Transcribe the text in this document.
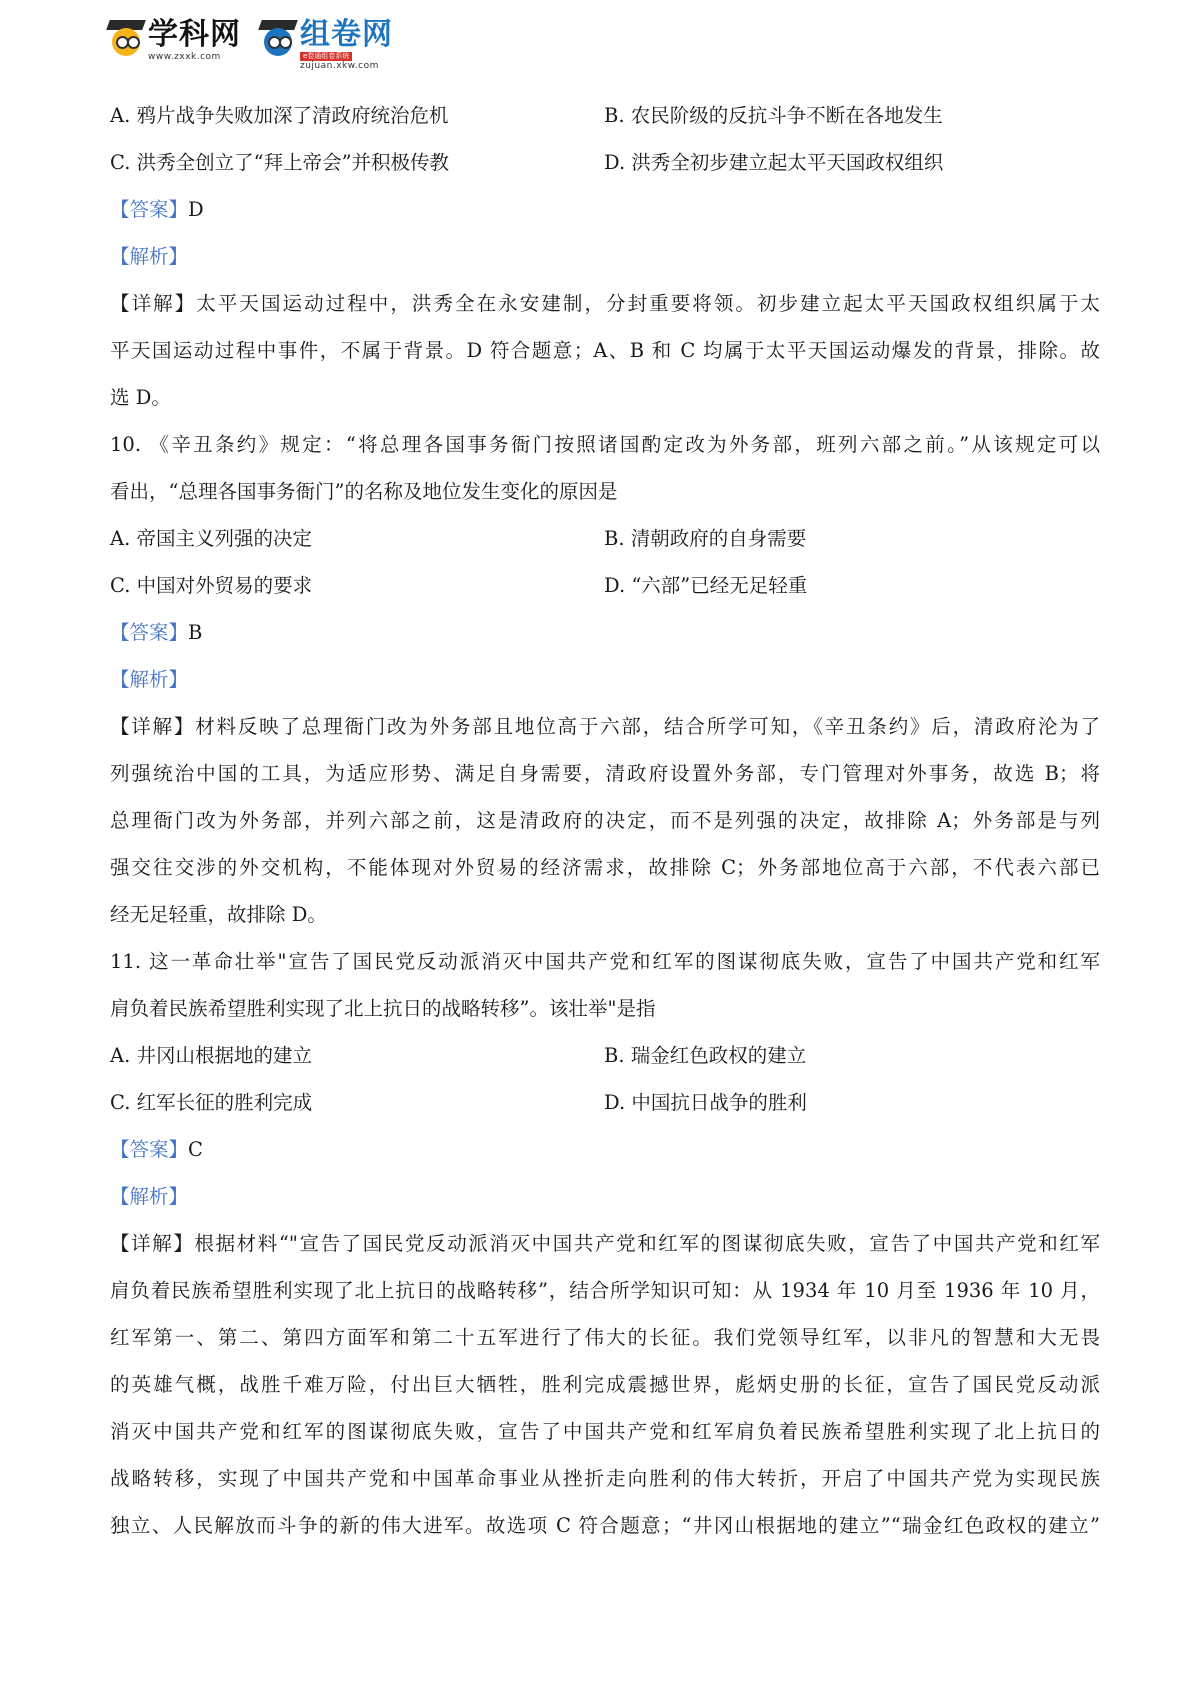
学科网
www.zxxk.com
组卷网
e卷通组卷系统
zujuan.xkw.com
A. 鸦片战争失败加深了清政府统治危机	B. 农民阶级的反抗斗争不断在各地发生
C. 洪秀全创立了“拜上帝会”并积极传教	D. 洪秀全初步建立起太平天国政权组织
【答案】D
【解析】
【详解】太平天国运动过程中，洪秀全在永安建制，分封重要将领。初步建立起太平天国政权组织属于太
平天国运动过程中事件，不属于背景。D 符合题意；A、B 和 C 均属于太平天国运动爆发的背景，排除。故
选 D。
10. 《辛丑条约》规定：“将总理各国事务衙门按照诸国酌定改为外务部，班列六部之前。”从该规定可以
看出，“总理各国事务衙门”的名称及地位发生变化的原因是
A. 帝国主义列强的决定	B. 清朝政府的自身需要
C. 中国对外贸易的要求	D. “六部”已经无足轻重
【答案】B
【解析】
【详解】材料反映了总理衙门改为外务部且地位高于六部，结合所学可知，《辛丑条约》后，清政府沦为了
列强统治中国的工具，为适应形势、满足自身需要，清政府设置外务部，专门管理对外事务，故选 B；将
总理衙门改为外务部，并列六部之前，这是清政府的决定，而不是列强的决定，故排除 A；外务部是与列
强交往交涉的外交机构，不能体现对外贸易的经济需求，故排除 C；外务部地位高于六部，不代表六部已
经无足轻重，故排除 D。
11. 这一革命壮举"宣告了国民党反动派消灭中国共产党和红军的图谋彻底失败，宣告了中国共产党和红军
肩负着民族希望胜利实现了北上抗日的战略转移”。该壮举"是指
A. 井冈山根据地的建立	B. 瑞金红色政权的建立
C. 红军长征的胜利完成	D. 中国抗日战争的胜利
【答案】C
【解析】
【详解】根据材料“"宣告了国民党反动派消灭中国共产党和红军的图谋彻底失败，宣告了中国共产党和红军
肩负着民族希望胜利实现了北上抗日的战略转移”，结合所学知识可知：从 1934 年 10 月至 1936 年 10 月，
红军第一、第二、第四方面军和第二十五军进行了伟大的长征。我们党领导红军，以非凡的智慧和大无畏
的英雄气概，战胜千难万险，付出巨大牺牲，胜利完成震撼世界，彪炳史册的长征，宣告了国民党反动派
消灭中国共产党和红军的图谋彻底失败，宣告了中国共产党和红军肩负着民族希望胜利实现了北上抗日的
战略转移，实现了中国共产党和中国革命事业从挫折走向胜利的伟大转折，开启了中国共产党为实现民族
独立、人民解放而斗争的新的伟大进军。故选项 C 符合题意；“井冈山根据地的建立”“瑞金红色政权的建立”
